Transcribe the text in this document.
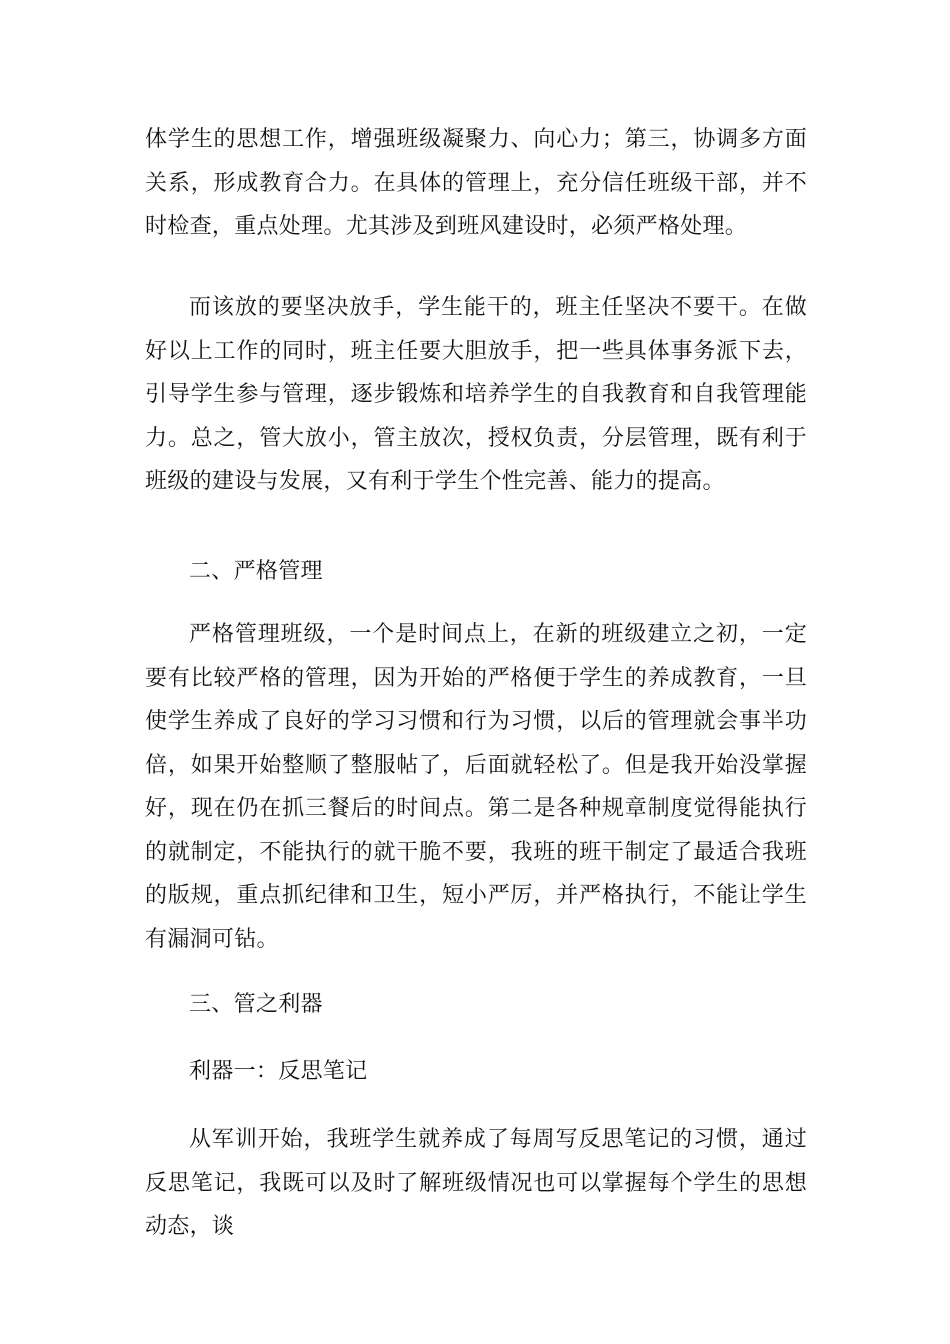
体学生的思想工作，增强班级凝聚力、向心力；第三，协调多方面关系，形成教育合力。在具体的管理上，充分信任班级干部，并不时检查，重点处理。尤其涉及到班风建设时，必须严格处理。

而该放的要坚决放手，学生能干的，班主任坚决不要干。在做好以上工作的同时，班主任要大胆放手，把一些具体事务派下去，引导学生参与管理，逐步锻炼和培养学生的自我教育和自我管理能力。总之，管大放小，管主放次，授权负责，分层管理，既有利于班级的建设与发展，又有利于学生个性完善、能力的提高。

二、严格管理

严格管理班级，一个是时间点上，在新的班级建立之初，一定要有比较严格的管理，因为开始的严格便于学生的养成教育，一旦使学生养成了良好的学习习惯和行为习惯，以后的管理就会事半功倍，如果开始整顺了整服帖了，后面就轻松了。但是我开始没掌握好，现在仍在抓三餐后的时间点。第二是各种规章制度觉得能执行的就制定，不能执行的就干脆不要，我班的班干制定了最适合我班的版规，重点抓纪律和卫生，短小严厉，并严格执行，不能让学生有漏洞可钻。

三、管之利器
利器一：反思笔记

从军训开始，我班学生就养成了每周写反思笔记的习惯，通过反思笔记，我既可以及时了解班级情况也可以掌握每个学生的思想动态，谈
